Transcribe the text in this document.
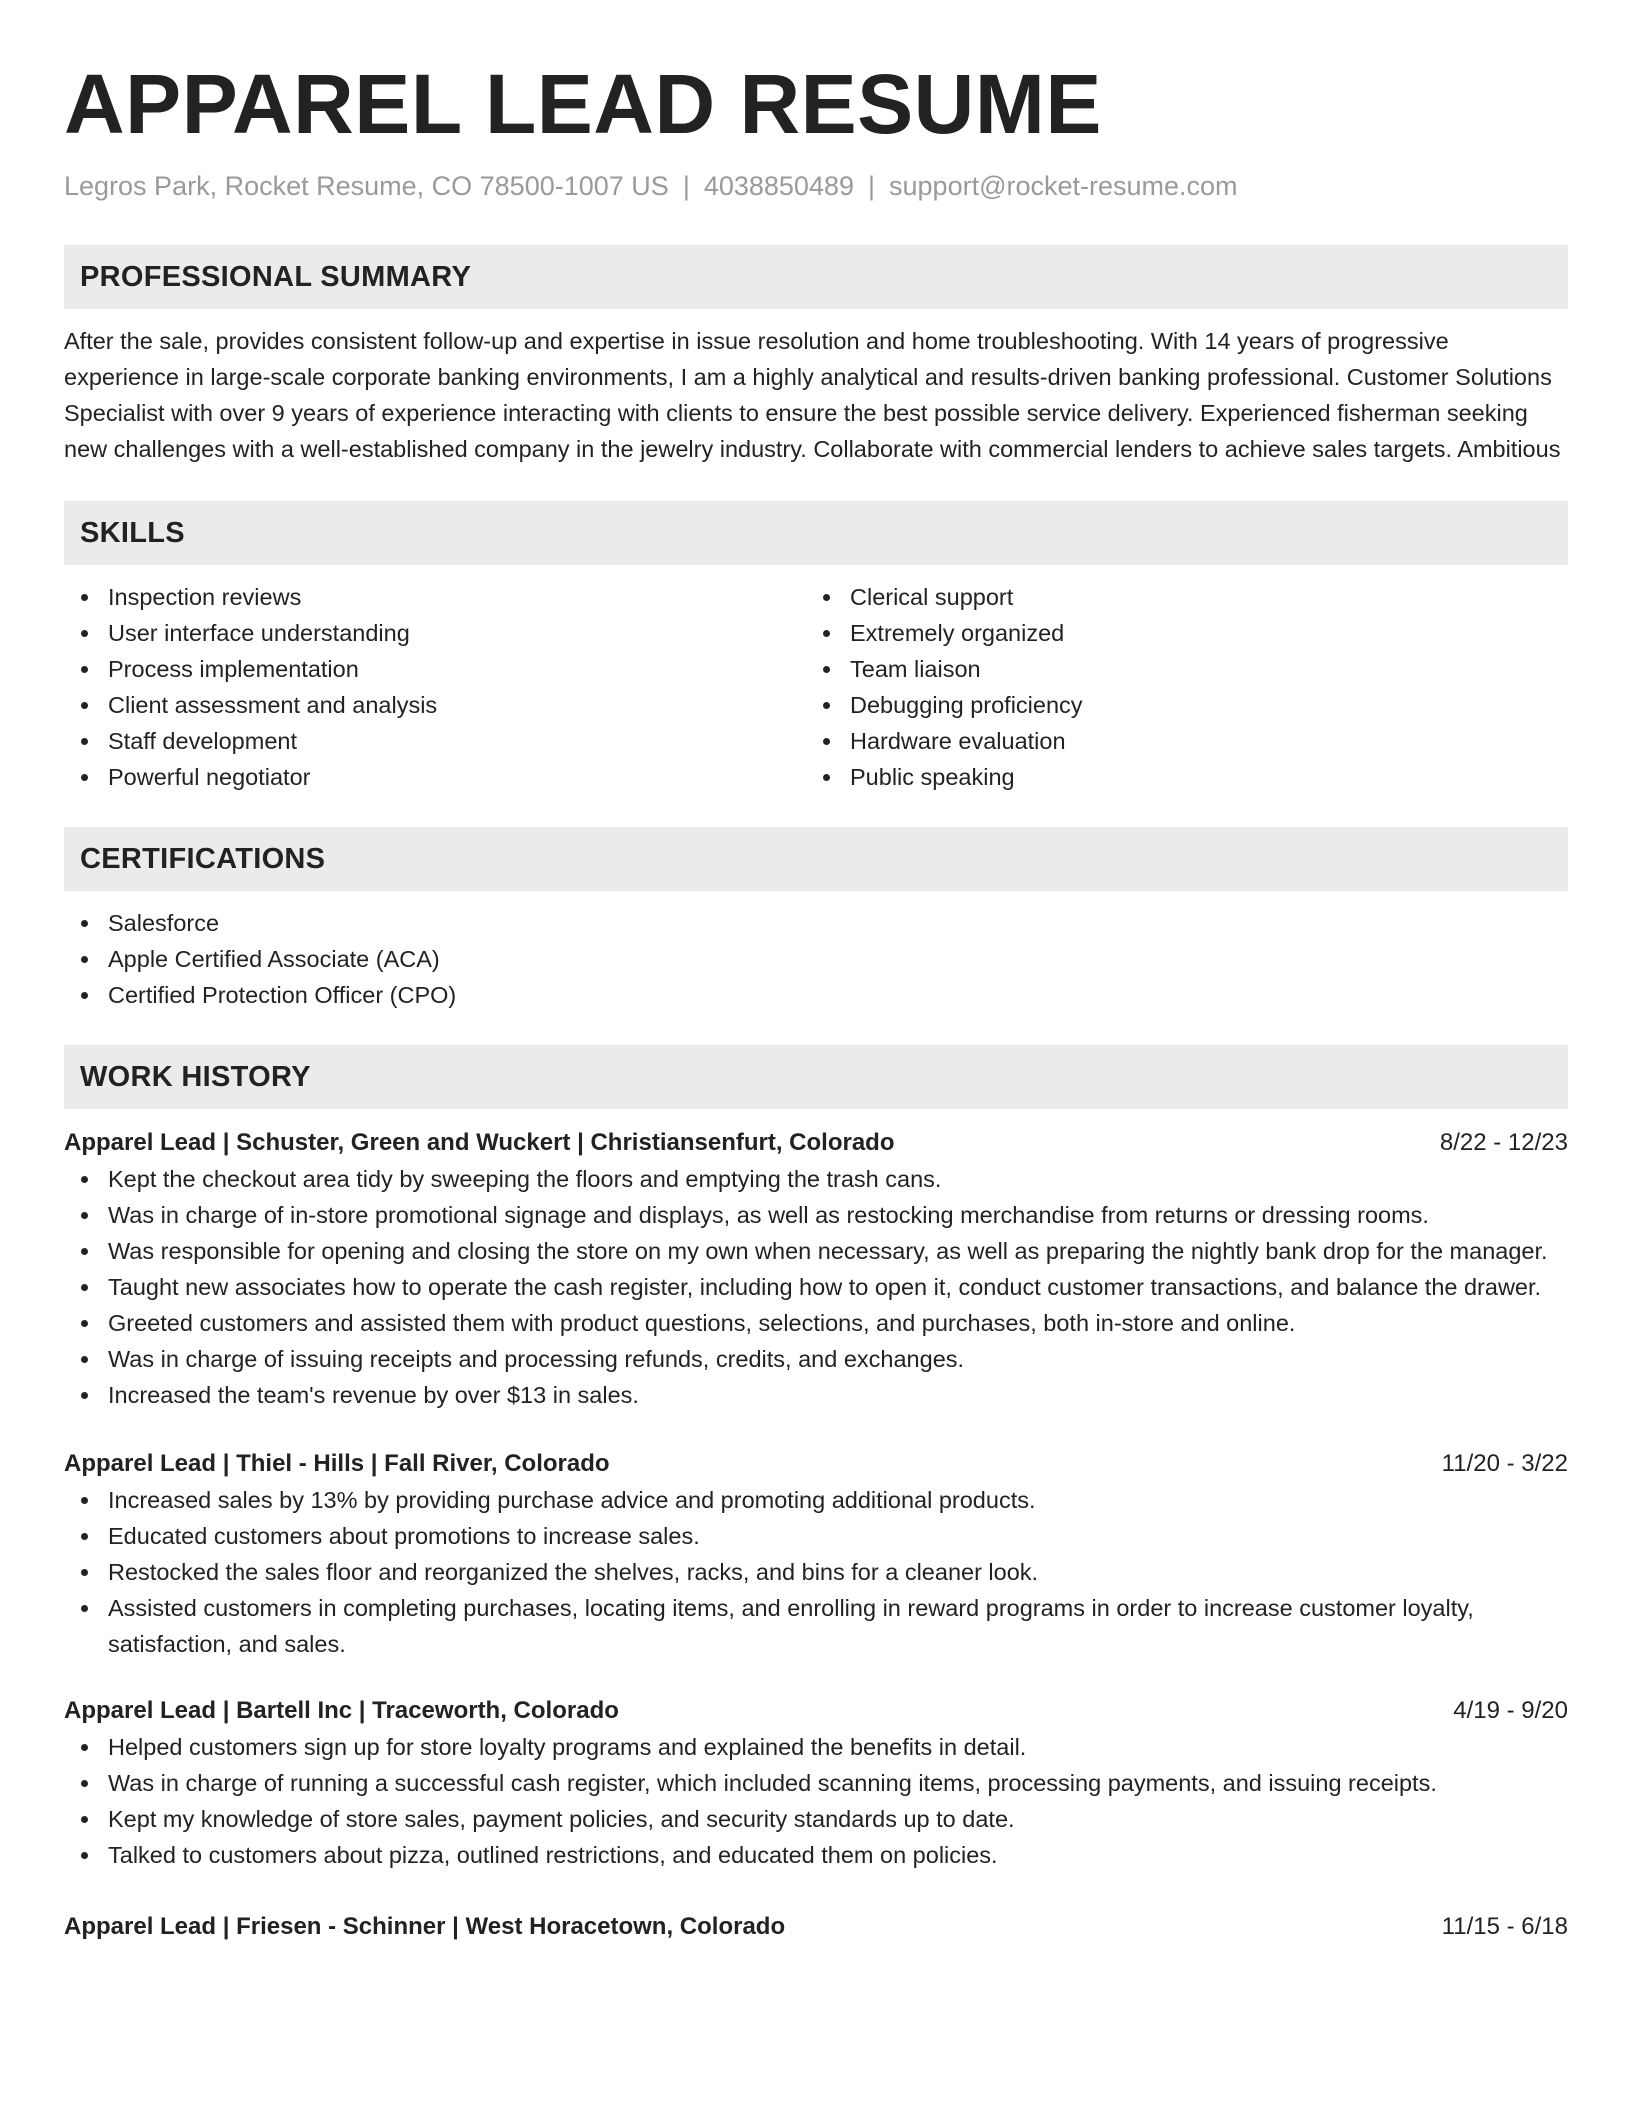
APPAREL LEAD RESUME
Legros Park, Rocket Resume, CO 78500-1007 US | 4038850489 | support@rocket-resume.com
PROFESSIONAL SUMMARY

After the sale, provides consistent follow-up and expertise in issue resolution and home troubleshooting. With 14 years of progressive experience in large-scale corporate banking environments, I am a highly analytical and results-driven banking professional. Customer Solutions Specialist with over 9 years of experience interacting with clients to ensure the best possible service delivery. Experienced fisherman seeking new challenges with a well-established company in the jewelry industry. Collaborate with commercial lenders to achieve sales targets. Ambitious

SKILLS
Inspection reviews
User interface understanding
Process implementation
Client assessment and analysis
Staff development
Powerful negotiator
Clerical support
Extremely organized
Team liaison
Debugging proficiency
Hardware evaluation
Public speaking
CERTIFICATIONS
Salesforce
Apple Certified Associate (ACA)
Certified Protection Officer (CPO)
WORK HISTORY
Apparel Lead | Schuster, Green and Wuckert | Christiansenfurt, Colorado	8/22 - 12/23
Kept the checkout area tidy by sweeping the floors and emptying the trash cans.
Was in charge of in-store promotional signage and displays, as well as restocking merchandise from returns or dressing rooms.
Was responsible for opening and closing the store on my own when necessary, as well as preparing the nightly bank drop for the manager.
Taught new associates how to operate the cash register, including how to open it, conduct customer transactions, and balance the drawer.
Greeted customers and assisted them with product questions, selections, and purchases, both in-store and online.
Was in charge of issuing receipts and processing refunds, credits, and exchanges.
Increased the team's revenue by over $13 in sales.
Apparel Lead | Thiel - Hills | Fall River, Colorado	11/20 - 3/22
Increased sales by 13% by providing purchase advice and promoting additional products.
Educated customers about promotions to increase sales.
Restocked the sales floor and reorganized the shelves, racks, and bins for a cleaner look.
Assisted customers in completing purchases, locating items, and enrolling in reward programs in order to increase customer loyalty, satisfaction, and sales.
Apparel Lead | Bartell Inc | Traceworth, Colorado	4/19 - 9/20
Helped customers sign up for store loyalty programs and explained the benefits in detail.
Was in charge of running a successful cash register, which included scanning items, processing payments, and issuing receipts.
Kept my knowledge of store sales, payment policies, and security standards up to date.
Talked to customers about pizza, outlined restrictions, and educated them on policies.
Apparel Lead | Friesen - Schinner | West Horacetown, Colorado	11/15 - 6/18
